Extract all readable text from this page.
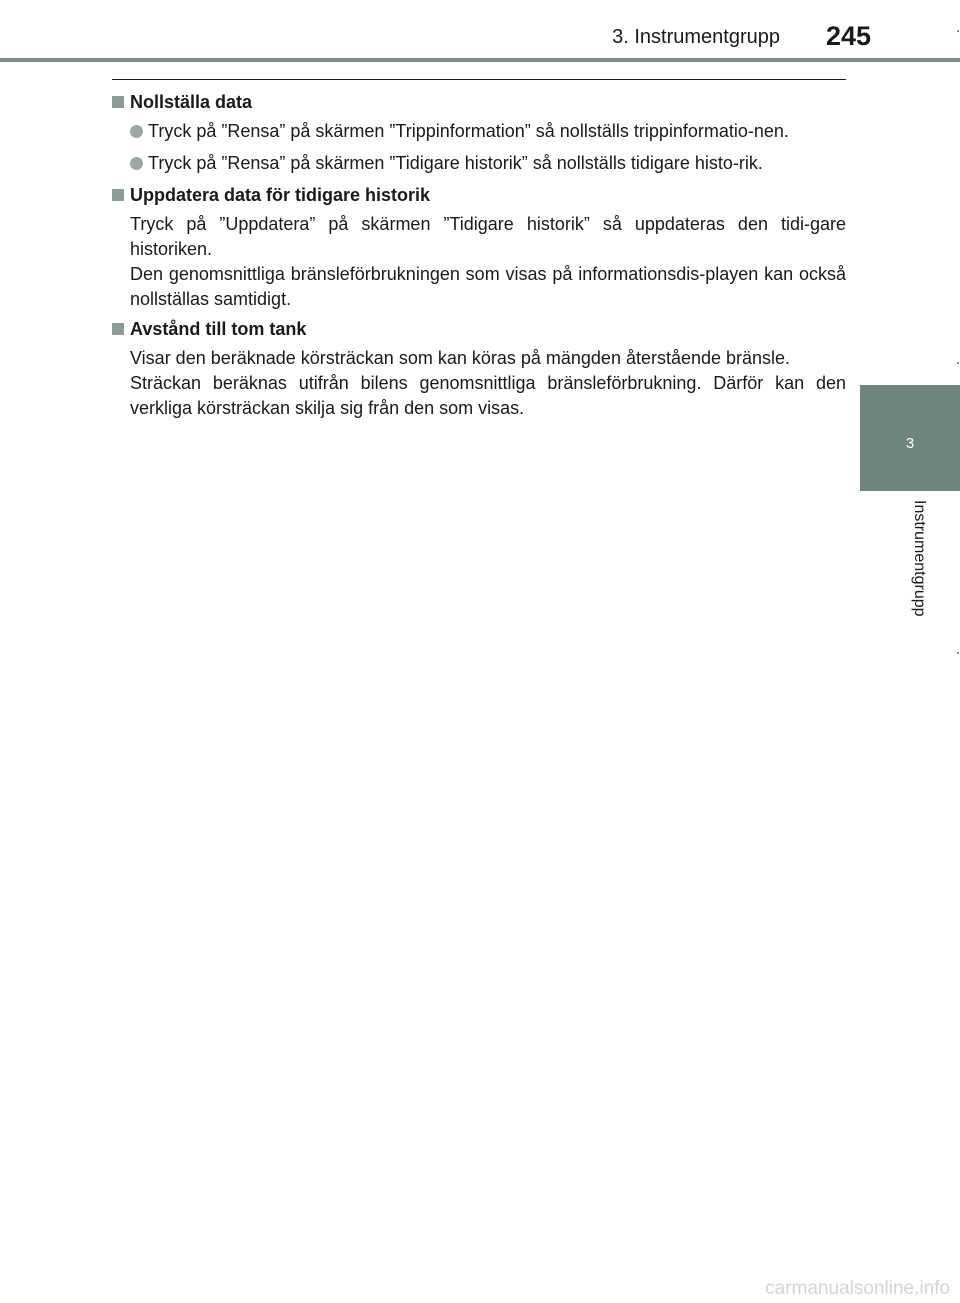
3. Instrumentgrupp 245
3
Instrumentgrupp
Nollställa data
Tryck på ”Rensa” på skärmen ”Trippinformation” så nollställs trippinformatio-nen.
Tryck på ”Rensa” på skärmen ”Tidigare historik” så nollställs tidigare histo-rik.
Uppdatera data för tidigare historik
Tryck på ”Uppdatera” på skärmen ”Tidigare historik” så uppdateras den tidi-gare historiken.
Den genomsnittliga bränsleförbrukningen som visas på informationsdis-playen kan också nollställas samtidigt.
Avstånd till tom tank
Visar den beräknade körsträckan som kan köras på mängden återstående bränsle.
Sträckan beräknas utifrån bilens genomsnittliga bränsleförbrukning. Därför kan den verkliga körsträckan skilja sig från den som visas.
carmanualsonline.info
